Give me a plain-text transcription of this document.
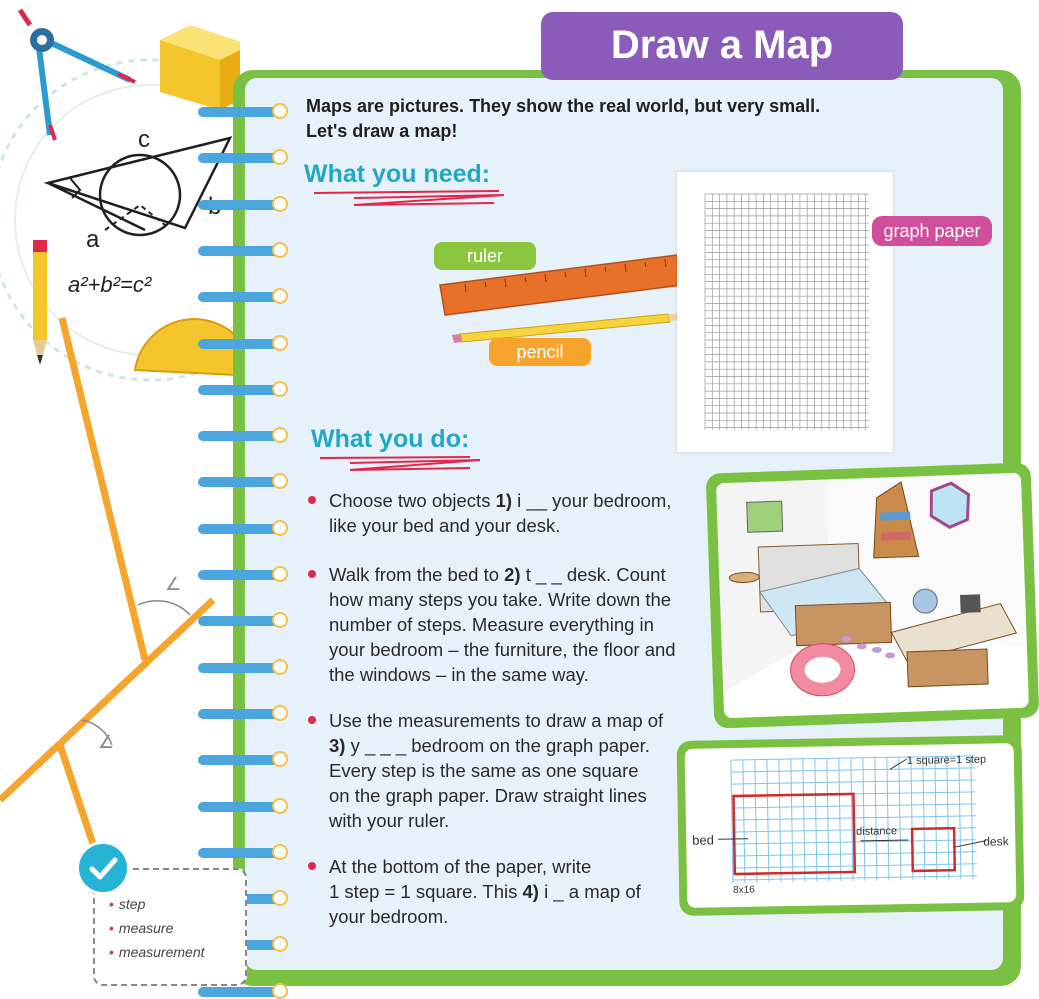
∠
∠
c
a
a²+b²=c²
Draw a Map
Maps are pictures. They show the real world, but very small.
Let's draw a map!
What you need:
ruler
pencil
graph paper
What you do:
Choose two objects 1) i __ your bedroom,
like your bed and your desk.
Walk from the bed to 2) t _ _ desk. Count
how many steps you take. Write down the
number of steps. Measure everything in
your bedroom – the furniture, the floor and
the windows – in the same way.
Use the measurements to draw a map of
3) y _ _ _ bedroom on the graph paper.
Every step is the same as one square
on the graph paper. Draw straight lines
with your ruler.
At the bottom of the paper, write
1 step = 1 square. This 4) i _ a map of
your bedroom.
1 square=1 step
bed
distance
desk
8x16
• step
• measure
• measurement
